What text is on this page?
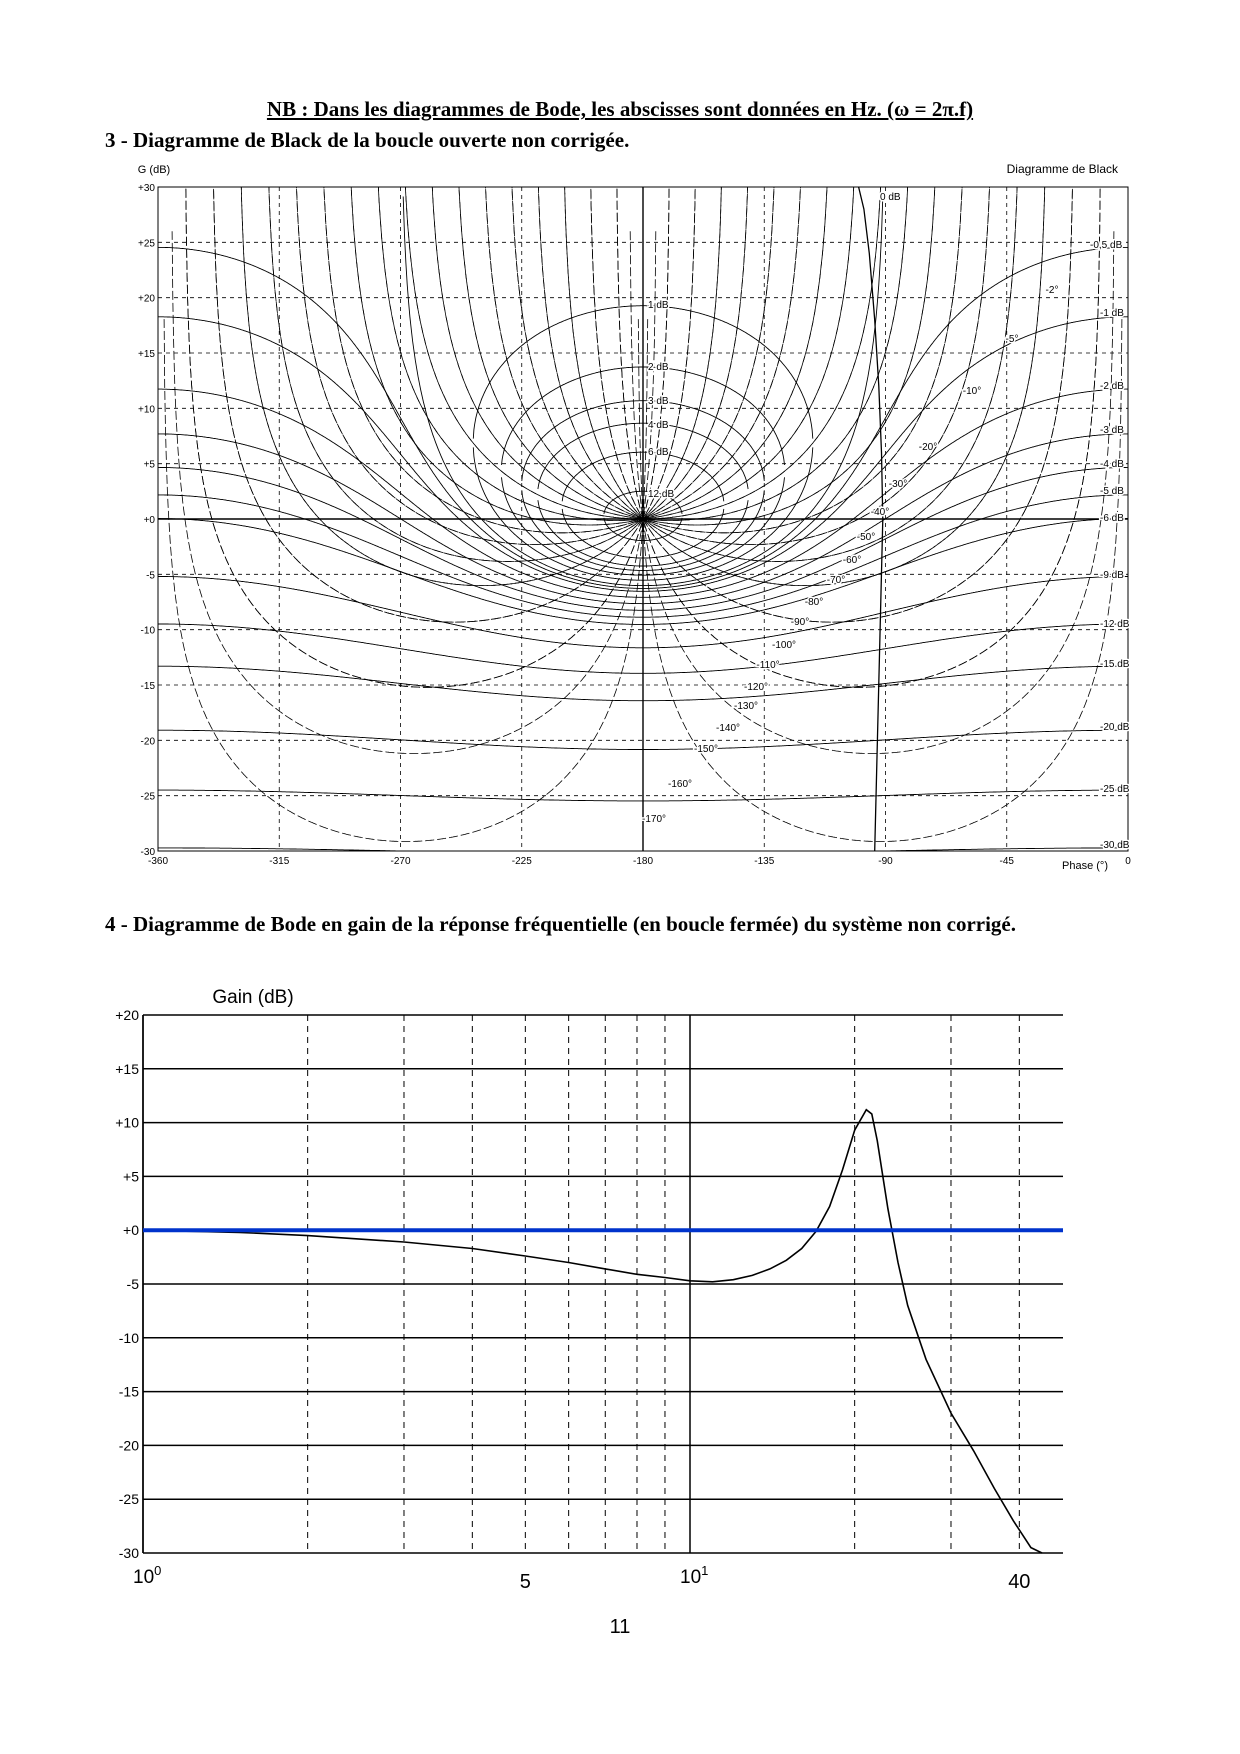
NB : Dans les diagrammes de Bode, les abscisses sont données en Hz. (ω = 2π.f)
3 - Diagramme de Black de la boucle ouverte non corrigée.
-360	-315	-270	-225	-180	-135	-90	-45	0
+30
+25
+20
+15
+10
+5
+0
-5
-10
-15
-20
-25
-30
G (dB)	Diagramme de Black
Phase (°)
0 dB
-0,5 dB
-1 dB
-2 dB
-3 dB
-4 dB
-5 dB
-6 dB
-9 dB
-12 dB
-15 dB
-20 dB
-25 dB
-30 dB
1 dB
2 dB
3 dB
4 dB
6 dB
12 dB
-2°
-5°
-10°
-20°
-30°
-40°
-50°
-60°
-70°
-80°
-90°
-100°
-110°
-120°
-130°
-140°
-150°
-160°
-170°
4 - Diagramme de Bode en gain de la réponse fréquentielle (en boucle fermée) du système non corrigé.
+20
+15
+10
+5
+0
-5
-10
-15
-20
-25
-30
Gain (dB)
$10^0$
5	$10^1$
40
11
